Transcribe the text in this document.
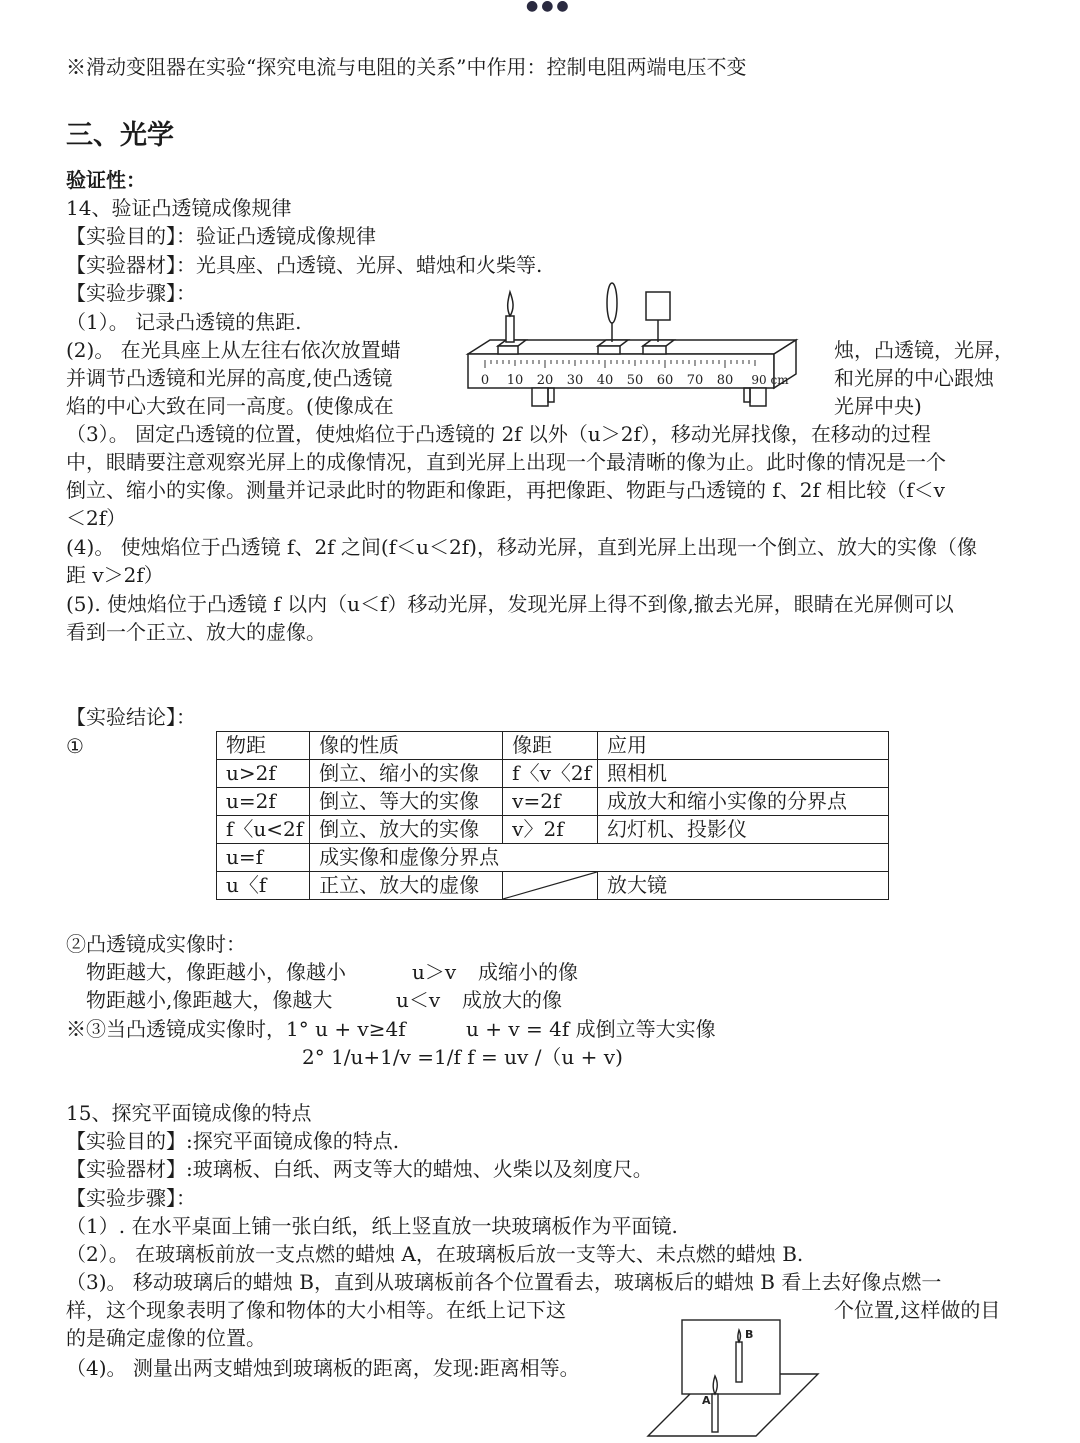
●●●
※滑动变阻器在实验“探究电流与电阻的关系”中作用：控制电阻两端电压不变
三、光学
验证性：
14、验证凸透镜成像规律
【实验目的】：验证凸透镜成像规律
【实验器材】：光具座、凸透镜、光屏、蜡烛和火柴等.
【实验步骤】：
（1）。 记录凸透镜的焦距.
(2)。 在光具座上从左往右依次放置蜡
并调节凸透镜和光屏的高度,使凸透镜
焰的中心大致在同一高度。(使像成在
烛，凸透镜，光屏，
和光屏的中心跟烛
光屏中央)
0 10 20 30 40 50 60 70 80 90 cm
（3）。 固定凸透镜的位置，使烛焰位于凸透镜的 2f 以外（u＞2f），移动光屏找像，在移动的过程
中，眼睛要注意观察光屏上的成像情况，直到光屏上出现一个最清晰的像为止。此时像的情况是一个
倒立、缩小的实像。测量并记录此时的物距和像距，再把像距、物距与凸透镜的 f、2f 相比较（f＜v
＜2f）
(4)。 使烛焰位于凸透镜 f、2f 之间(f＜u＜2f)，移动光屏，直到光屏上出现一个倒立、放大的实像（像
距 v＞2f）
(5). 使烛焰位于凸透镜 f 以内（u＜f）移动光屏，发现光屏上得不到像,撤去光屏，眼睛在光屏侧可以
看到一个正立、放大的虚像。
【实验结论】：
①	物距	像的性质	像距	应用
u>2f	倒立、缩小的实像	f〈v〈2f	照相机
u=2f	倒立、等大的实像	v=2f	成放大和缩小实像的分界点
f〈u<2f	倒立、放大的实像	v〉2f	幻灯机、投影仪
u=f	成实像和虚像分界点		
u〈f	正立、放大的虚像		放大镜
②凸透镜成实像时：
物距越大，像距越小，像越小	u＞v 成缩小的像
物距越小,像距越大，像越大	u＜v 成放大的像
※③当凸透镜成实像时，1° u + v≥4f	u + v = 4f 成倒立等大实像
2° 1/u+1/v =1/f f = uv /（u + v)
15、探究平面镜成像的特点
【实验目的】:探究平面镜成像的特点.
【实验器材】:玻璃板、白纸、两支等大的蜡烛、火柴以及刻度尺。
【实验步骤】：
（1）. 在水平桌面上铺一张白纸，纸上竖直放一块玻璃板作为平面镜.
（2）。 在玻璃板前放一支点燃的蜡烛 A，在玻璃板后放一支等大、未点燃的蜡烛 B.
（3)。 移动玻璃后的蜡烛 B，直到从玻璃板前各个位置看去，玻璃板后的蜡烛 B 看上去好像点燃一
样，这个现象表明了像和物体的大小相等。在纸上记下这	个位置,这样做的目
的是确定虚像的位置。
（4)。 测量出两支蜡烛到玻璃板的距离，发现:距离相等。
A
B
